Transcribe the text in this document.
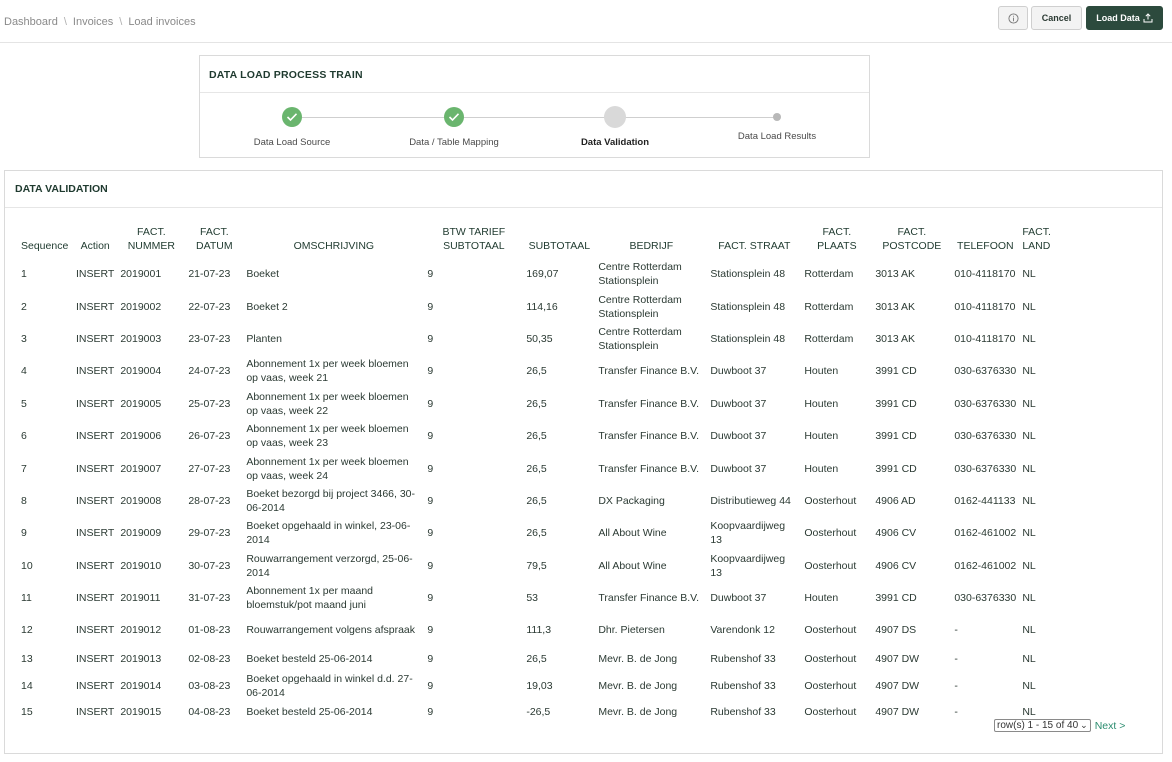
Dashboard \ Invoices \ Load invoices	Cancel	Load Data
DATA LOAD PROCESS TRAIN
Data Load Source	Data / Table Mapping	Data Validation
Data Load Results
DATA VALIDATION
Sequence	Action	FACT. NUMMER	FACT. DATUM	OMSCHRIJVING	BTW TARIEF SUBTOTAAL	SUBTOTAAL	BEDRIJF	FACT. STRAAT	FACT. PLAATS	FACT. POSTCODE	TELEFOON	FACT. LAND
1	INSERT	2019001	21-07-23	Boeket	9	169,07	Centre Rotterdam Stationsplein	Stationsplein 48	Rotterdam	3013 AK	010-4118170	NL
2	INSERT	2019002	22-07-23	Boeket 2	9	114,16	Centre Rotterdam Stationsplein	Stationsplein 48	Rotterdam	3013 AK	010-4118170	NL
3	INSERT	2019003	23-07-23	Planten	9	50,35	Centre Rotterdam Stationsplein	Stationsplein 48	Rotterdam	3013 AK	010-4118170	NL
4	INSERT	2019004	24-07-23	Abonnement 1x per week bloemen op vaas, week 21	9	26,5	Transfer Finance B.V.	Duwboot 37	Houten	3991 CD	030-6376330	NL
5	INSERT	2019005	25-07-23	Abonnement 1x per week bloemen op vaas, week 22	9	26,5	Transfer Finance B.V.	Duwboot 37	Houten	3991 CD	030-6376330	NL
6	INSERT	2019006	26-07-23	Abonnement 1x per week bloemen op vaas, week 23	9	26,5	Transfer Finance B.V.	Duwboot 37	Houten	3991 CD	030-6376330	NL
7	INSERT	2019007	27-07-23	Abonnement 1x per week bloemen op vaas, week 24	9	26,5	Transfer Finance B.V.	Duwboot 37	Houten	3991 CD	030-6376330	NL
8	INSERT	2019008	28-07-23	Boeket bezorgd bij project 3466, 30-06-2014	9	26,5	DX Packaging	Distributieweg 44	Oosterhout	4906 AD	0162-441133	NL
9	INSERT	2019009	29-07-23	Boeket opgehaald in winkel, 23-06-2014	9	26,5	All About Wine	Koopvaardijweg 13	Oosterhout	4906 CV	0162-461002	NL
10	INSERT	2019010	30-07-23	Rouwarrangement verzorgd, 25-06-2014	9	79,5	All About Wine	Koopvaardijweg 13	Oosterhout	4906 CV	0162-461002	NL
11	INSERT	2019011	31-07-23	Abonnement 1x per maand bloemstuk/pot maand juni	9	53	Transfer Finance B.V.	Duwboot 37	Houten	3991 CD	030-6376330	NL
12	INSERT	2019012	01-08-23	Rouwarrangement volgens afspraak	9	111,3	Dhr. Pietersen	Varendonk 12	Oosterhout	4907 DS	-	NL
13	INSERT	2019013	02-08-23	Boeket besteld 25-06-2014	9	26,5	Mevr. B. de Jong	Rubenshof 33	Oosterhout	4907 DW	-	NL
14	INSERT	2019014	03-08-23	Boeket opgehaald in winkel d.d. 27-06-2014	9	19,03	Mevr. B. de Jong	Rubenshof 33	Oosterhout	4907 DW	-	NL
15	INSERT	2019015	04-08-23	Boeket besteld 25-06-2014	9	-26,5	Mevr. B. de Jong	Rubenshof 33	Oosterhout	4907 DW	-	NL
row(s) 1 - 15 of 40 ⌄ Next >
